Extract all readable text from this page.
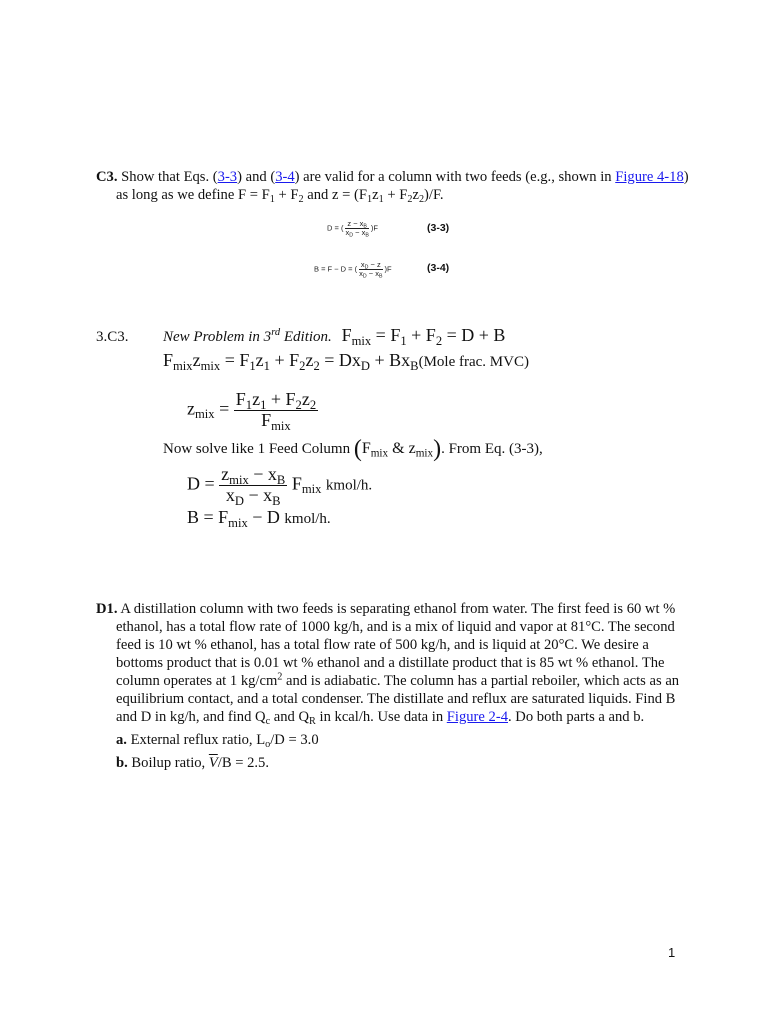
C3. Show that Eqs. (3-3) and (3-4) are valid for a column with two feeds (e.g., shown in Figure 4-18)
as long as we define $F = F_1 + F_2$ and $z = (F_1z_1 + F_2z_2)/F$.
D = ( $\frac{z - x_B}{x_D - x_B} )F$	(3-3)
B = F − D = ( $\frac{x_D - z}{x_D - x_B} )F$	(3-4)
3.C3. New Problem in 3rd Edition. $F_{mix} = F_1 + F_2 = D + B$
$F_{mix}z_{mix} = F_1z_1 + F_2z_2 = Dx_D$ + $Bx_B(Mole$ frac. MVC)
$z_{mix} = \frac{F_1z_1 + F_2z_2}{F_{mix}}$
Now solve like 1 Feed Column ($F_{mix}$ & $z_{mix}$). From Eq. (3-3),
$D = \frac{z_{mix} - x_B}{x_D - x_B} F_{mix}$ kmol/h.
$B = F_{mix} - D$ kmol/h.
D1. A distillation column with two feeds is separating ethanol from water. The first feed is 60 wt %
ethanol, has a total flow rate of 1000 kg/h, and is a mix of liquid and vapor at 81°C. The second
feed is 10 wt % ethanol, has a total flow rate of 500 kg/h, and is liquid at 20°C. We desire a
bottoms product that is 0.01 wt % ethanol and a distillate product that is 85 wt % ethanol. The
column operates at 1 $kg/cm^2$ and is adiabatic. The column has a partial reboiler, which acts as an
equilibrium contact, and a total condenser. The distillate and reflux are saturated liquids. Find B
and D in kg/h, and find $Q_c$ and $Q_R$ in kcal/h. Use data in Figure 2-4. Do both parts a and b.
a. External reflux ratio, $L_o/D = 3.0$
b. Boilup ratio, $\overline{V}/B = 2.5$.
1
